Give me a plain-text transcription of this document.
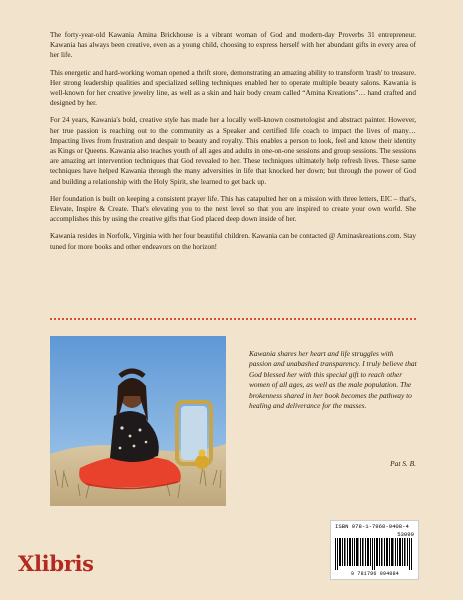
The forty-year-old Kawania Amina Brickhouse is a vibrant woman of God and modern-day Proverbs 31 entrepreneur. Kawania has always been creative, even as a young child, choosing to express herself with her abundant gifts in every area of her life.

This energetic and hard-working woman opened a thrift store, demonstrating an amazing ability to transform 'trash' to treasure. Her strong leadership qualities and specialized selling techniques enabled her to operate multiple beauty salons. Kawania is well-known for her creative jewelry line, as well as a skin and hair body cream called “Amina Kreations”… hand crafted and designed by her.

For 24 years, Kawania's bold, creative style has made her a locally well-known cosmetologist and abstract painter. However, her true passion is reaching out to the community as a Speaker and certified life coach to impact the lives of many… Impacting lives from frustration and despair to beauty and royalty. This enables a person to look, feel and know their identity as Kings or Queens. Kawania also teaches youth of all ages and adults in one-on-one sessions and group sessions. The sessions are amazing art intervention techniques that God revealed to her. These techniques ultimately help refresh lives. These same techniques have helped Kawania through the many adversities in life that knocked her down; but through the power of God and building a relationship with the Holy Spirit, she learned to get back up.

Her foundation is built on keeping a consistent prayer life. This has catapulted her on a mission with three letters, EIC – that's, Elevate, Inspire & Create. That's elevating you to the next level so that you are inspired to create your own world. She accomplishes this by using the creative gifts that God placed deep down inside of her.

Kawania resides in Norfolk, Virginia with her four beautiful children. Kawania can be contacted @ Aminaskreations.com. Stay tuned for more books and other endeavors on the horizon!

Kawania shares her heart and life struggles with passion and unabashed transparency. I truly believe that God blessed her with this special gift to reach other women of all ages, as well as the male population. The brokenness shared in her book becomes the pathway to healing and deliverance for the masses.

Pat S. B.
ISBN 978-1-7960-9408-4
53099
9 781796 094084
Xlibris
